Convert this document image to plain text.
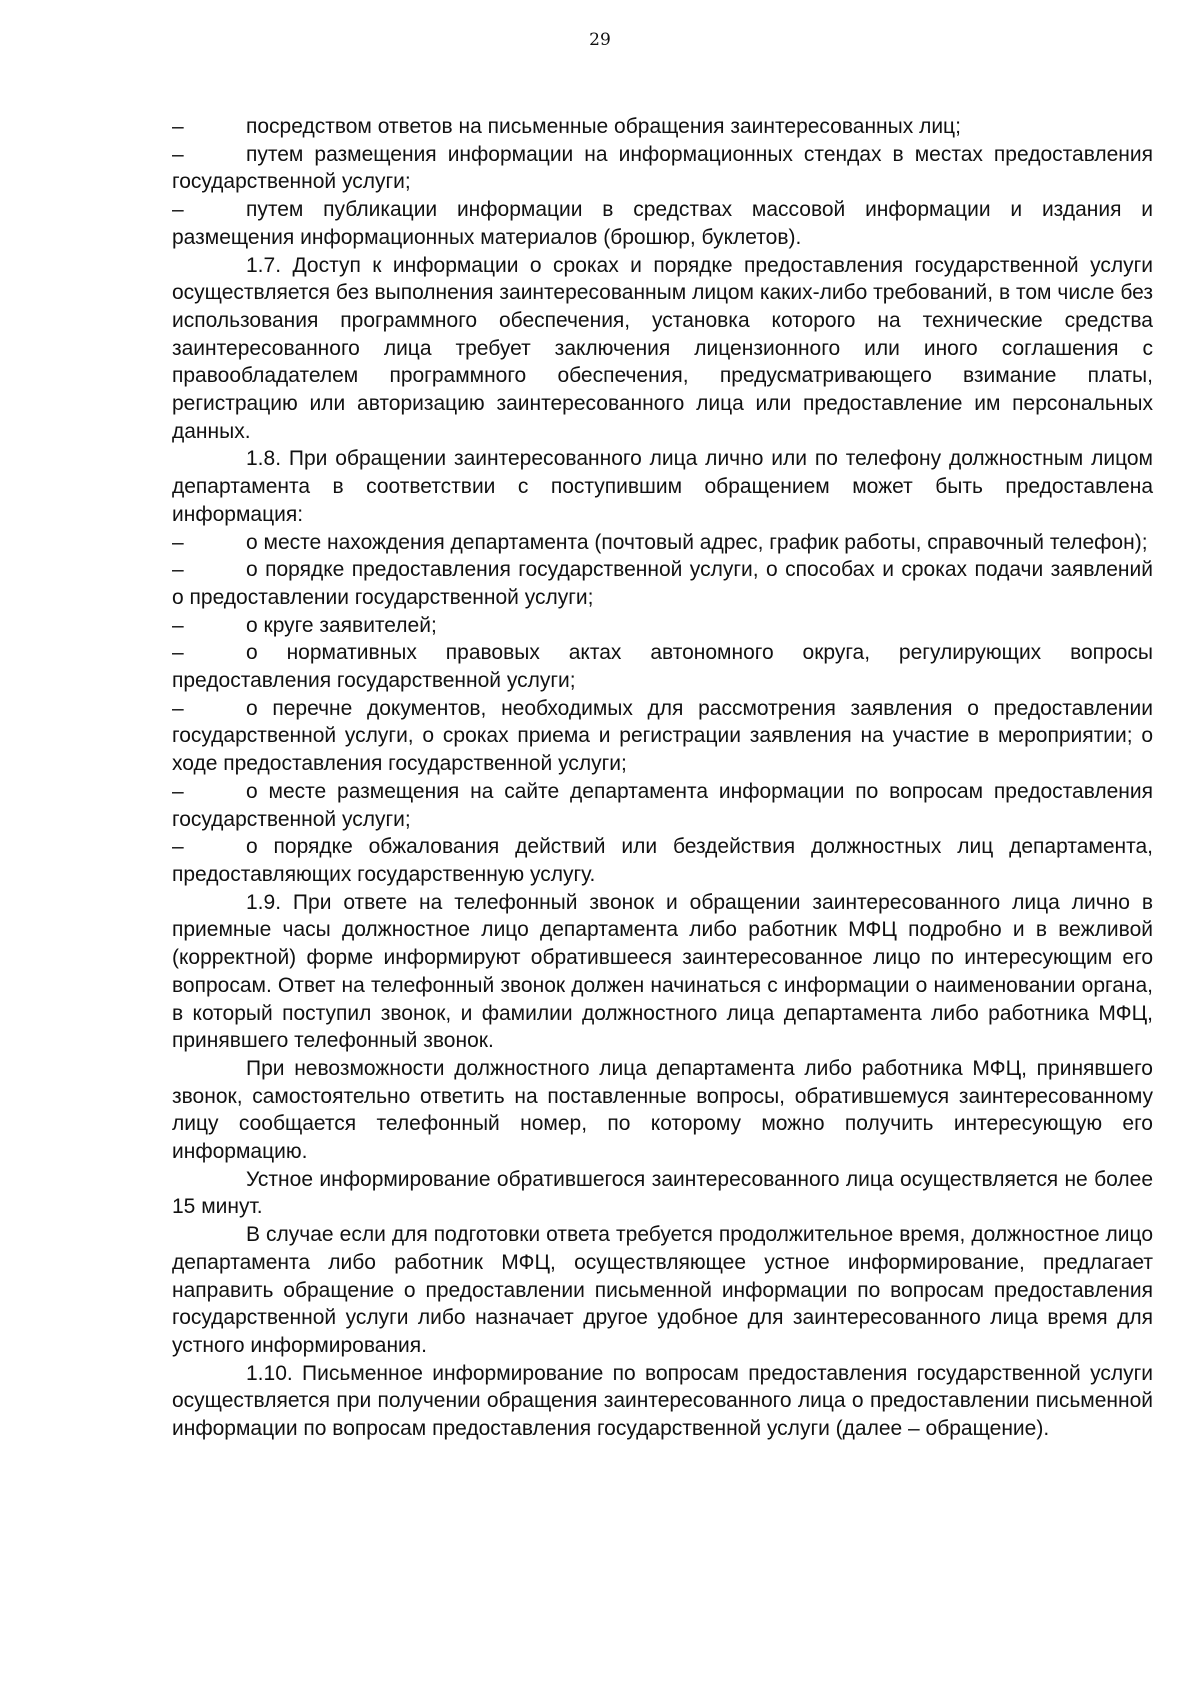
29

–	посредством ответов на письменные обращения заинтересованных лиц;

–	путем размещения информации на информационных стендах в местах предоставления государственной услуги;

–	путем публикации информации в средствах массовой информации и издания и размещения информационных материалов (брошюр, буклетов).

1.7. Доступ к информации о сроках и порядке предоставления государственной услуги осуществляется без выполнения заинтересованным лицом каких-либо требований, в том числе без использования программного обеспечения, установка которого на технические средства заинтересованного лица требует заключения лицензионного или иного соглашения с правообладателем программного обеспечения, предусматривающего взимание платы, регистрацию или авторизацию заинтересованного лица или предоставление им персональных данных.

1.8. При обращении заинтересованного лица лично или по телефону должностным лицом департамента в соответствии с поступившим обращением может быть предоставлена информация:

–	о месте нахождения департамента (почтовый адрес, график работы, справочный телефон);

–	о порядке предоставления государственной услуги, о способах и сроках подачи заявлений о предоставлении государственной услуги;

–	о круге заявителей;

–	о нормативных правовых актах автономного округа, регулирующих вопросы предоставления государственной услуги;

–	о перечне документов, необходимых для рассмотрения заявления о предоставлении государственной услуги, о сроках приема и регистрации заявления на участие в мероприятии; о ходе предоставления государственной услуги;

–	о месте размещения на сайте департамента информации по вопросам предоставления государственной услуги;

–	о порядке обжалования действий или бездействия должностных лиц департамента, предоставляющих государственную услугу.

1.9. При ответе на телефонный звонок и обращении заинтересованного лица лично в приемные часы должностное лицо департамента либо работник МФЦ подробно и в вежливой (корректной) форме информируют обратившееся заинтересованное лицо по интересующим его вопросам. Ответ на телефонный звонок должен начинаться с информации о наименовании органа, в который поступил звонок, и фамилии должностного лица департамента либо работника МФЦ, принявшего телефонный звонок.

При невозможности должностного лица департамента либо работника МФЦ, принявшего звонок, самостоятельно ответить на поставленные вопросы, обратившемуся заинтересованному лицу сообщается телефонный номер, по которому можно получить интересующую его информацию.

Устное информирование обратившегося заинтересованного лица осуществляется не более 15 минут.

В случае если для подготовки ответа требуется продолжительное время, должностное лицо департамента либо работник МФЦ, осуществляющее устное информирование, предлагает направить обращение о предоставлении письменной информации по вопросам предоставления государственной услуги либо назначает другое удобное для заинтересованного лица время для устного информирования.

1.10. Письменное информирование по вопросам предоставления государственной услуги осуществляется при получении обращения заинтересованного лица о предоставлении письменной информации по вопросам предоставления государственной услуги (далее – обращение).
